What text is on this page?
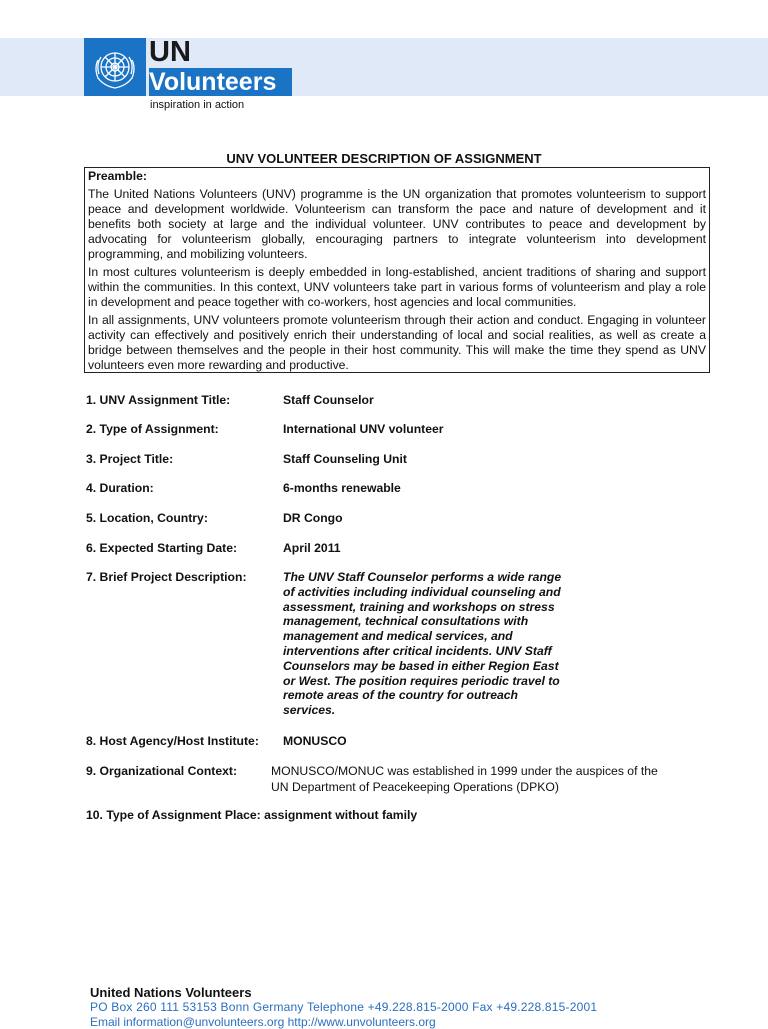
UN
Volunteers
inspiration in action
UNV VOLUNTEER DESCRIPTION OF ASSIGNMENT
Preamble:

The United Nations Volunteers (UNV) programme is the UN organization that promotes volunteerism to support peace and development worldwide. Volunteerism can transform the pace and nature of development and it benefits both society at large and the individual volunteer. UNV contributes to peace and development by advocating for volunteerism globally, encouraging partners to integrate volunteerism into development programming, and mobilizing volunteers.

In most cultures volunteerism is deeply embedded in long-established, ancient traditions of sharing and support within the communities. In this context, UNV volunteers take part in various forms of volunteerism and play a role in development and peace together with co-workers, host agencies and local communities.

In all assignments, UNV volunteers promote volunteerism through their action and conduct. Engaging in volunteer activity can effectively and positively enrich their understanding of local and social realities, as well as create a bridge between themselves and the people in their host community. This will make the time they spend as UNV volunteers even more rewarding and productive.

1. UNV Assignment Title:	Staff Counselor
2. Type of Assignment:	International UNV volunteer
3. Project Title:	Staff Counseling Unit
4. Duration:	6-months renewable
5. Location, Country:	DR Congo
6. Expected Starting Date:	April 2011
7. Brief Project Description:	The UNV Staff Counselor performs a wide range
of activities including individual counseling and
assessment, training and workshops on stress
management, technical consultations with
management and medical services, and
interventions after critical incidents. UNV Staff
Counselors may be based in either Region East
or West. The position requires periodic travel to
remote areas of the country for outreach
services.
8. Host Agency/Host Institute: MONUSCO
9. Organizational Context:	MONUSCO/MONUC was established in 1999 under the auspices of the UN Department of Peacekeeping Operations (DPKO)
10. Type of Assignment Place: assignment without family
United Nations Volunteers
PO Box 260 111 53153 Bonn Germany Telephone +49.228.815-2000 Fax +49.228.815-2001
Email information@unvolunteers.org http://www.unvolunteers.org
